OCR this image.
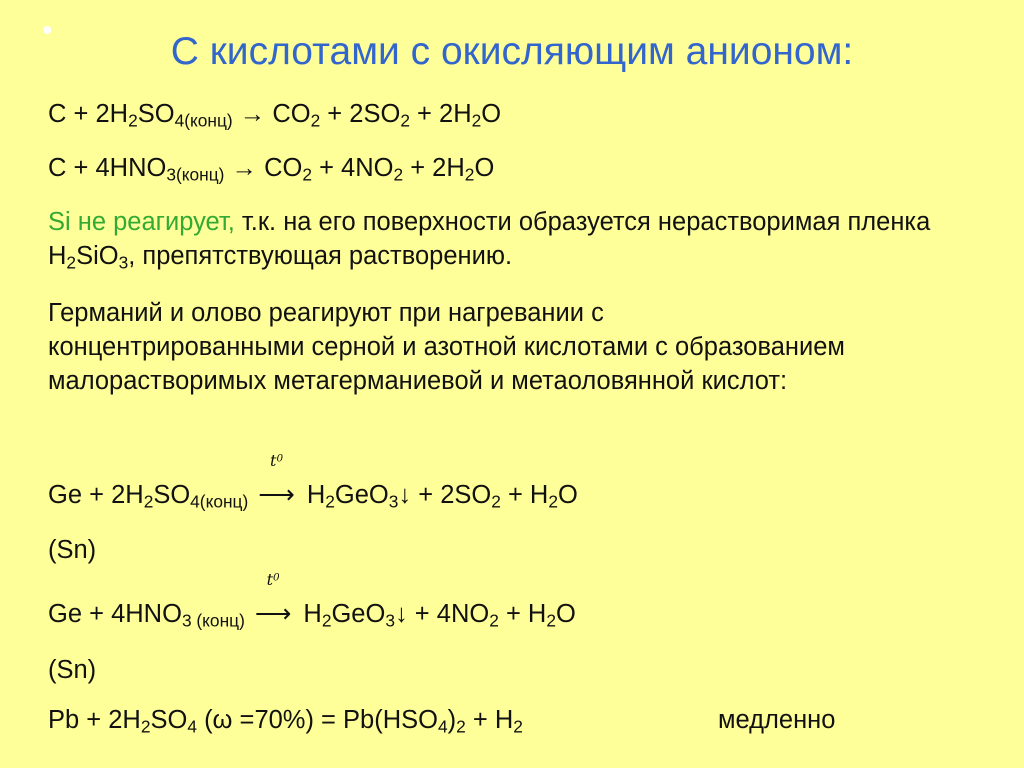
•	С кислотами с окисляющим анионом:
$C + 2H_2SO_{4(конц)} \to CO_2 + 2SO_2 + 2H_2O$
$C + 4HNO_{3(конц)} \to CO_2 + 4NO_2 + 2H_2O$
Si не реагирует, т.к. на его поверхности образуется нерастворимая пленка $H_2SiO_3$, препятствующая растворению.
Германий и олово реагируют при нагревании с концентрированными серной и азотной кислотами с образованием малорастворимых метагерманиевой и метаоловянной кислот:
$Ge + 2H_2SO_{4(конц)}$
$t^0$
⟶ $H_2GeO_3↓ + 2SO_2 + H_2O$
(Sn)
$Ge + 4HNO_{3 (конц)}$
$t^0$
⟶ $H_2GeO_3↓ + 4NO_2 + H_2O$
(Sn)
$Pb + 2H_2SO_4$ $(\omega =70\%) = Pb(HSO_4)_2 + H_2$	медленно
